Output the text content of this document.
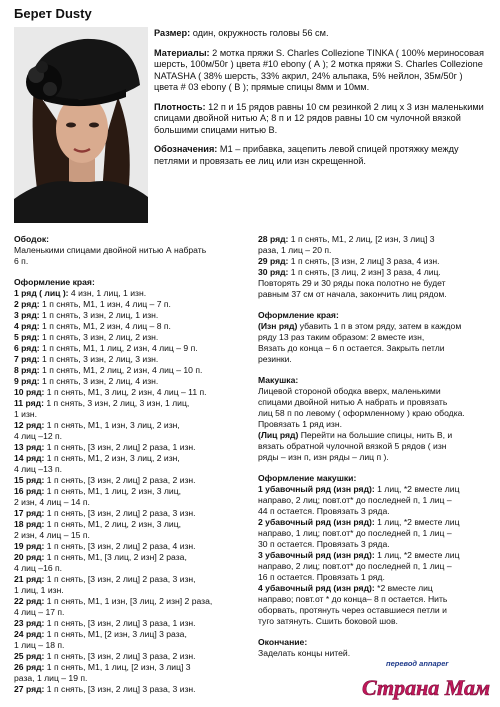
Берет Dusty

Размер: один, окружность головы 56 см.

Материалы: 2 мотка пряжи S. Charles Collezione TINKA ( 100% мериносовая шерсть, 100м/50г ) цвета #10 ebony ( А ); 2 мотка пряжи S. Charles Collezione NATASHA ( 38% шерсть, 33% акрил, 24% альпака, 5% нейлон, 35м/50г ) цвета # 03 ebony ( В ); прямые спицы 8мм и 10мм.

Плотность: 12 п и 15 рядов равны 10 см резинкой 2 лиц х 3 изн маленькими спицами двойной нитью А; 8 п и 12 рядов равны 10 см чулочной вязкой большими спицами нитью В.

Обозначения: М1 – прибавка, зацепить левой спицей протяжку между петлями и провязать ее лиц или изн скрещенной.

Ободок:

Маленькими спицами двойной нитью А набрать

6 п.

Оформление края:

1 ряд ( лиц ): 4 изн, 1 лиц, 1 изн.

2 ряд: 1 п снять, М1, 1 изн, 4 лиц – 7 п.

3 ряд: 1 п снять, 3 изн, 2 лиц, 1 изн.

4 ряд: 1 п снять, М1, 2 изн, 4 лиц – 8 п.

5 ряд: 1 п снять, 3 изн, 2 лиц, 2 изн.

6 ряд: 1 п снять, М1, 1 лиц, 2 изн, 4 лиц – 9 п.

7 ряд: 1 п снять, 3 изн, 2 лиц, 3 изн.

8 ряд: 1 п снять, М1, 2 лиц, 2 изн, 4 лиц – 10 п.

9 ряд: 1 п снять, 3 изн, 2 лиц, 4 изн.

10 ряд: 1 п снять, М1, 3 лиц, 2 изн, 4 лиц – 11 п.

11 ряд: 1 п снять, 3 изн, 2 лиц, 3 изн, 1 лиц,

1 изн.

12 ряд: 1 п снять, М1, 1 изн, 3 лиц, 2 изн,

4 лиц –12 п.

13 ряд: 1 п снять, [3 изн, 2 лиц] 2 раза, 1 изн.

14 ряд: 1 п снять, М1, 2 изн, 3 лиц, 2 изн,

4 лиц –13 п.

15 ряд: 1 п снять, [3 изн, 2 лиц] 2 раза, 2 изн.

16 ряд: 1 п снять, М1, 1 лиц, 2 изн, 3 лиц,

2 изн, 4 лиц – 14 п.

17 ряд: 1 п снять, [3 изн, 2 лиц] 2 раза, 3 изн.

18 ряд: 1 п снять, М1, 2 лиц, 2 изн, 3 лиц,

2 изн, 4 лиц – 15 п.

19 ряд: 1 п снять, [3 изн, 2 лиц] 2 раза, 4 изн.

20 ряд: 1 п снять, М1, [3 лиц, 2 изн] 2 раза,

4 лиц –16 п.

21 ряд: 1 п снять, [3 изн, 2 лиц] 2 раза, 3 изн,

1 лиц, 1 изн.

22 ряд: 1 п снять, М1, 1 изн, [3 лиц, 2 изн] 2 раза,

4 лиц – 17 п.

23 ряд: 1 п снять, [3 изн, 2 лиц] 3 раза, 1 изн.

24 ряд: 1 п снять, М1, [2 изн, 3 лиц] 3 раза,

1 лиц – 18 п.

25 ряд: 1 п снять, [3 изн, 2 лиц] 3 раза, 2 изн.

26 ряд: 1 п снять, М1, 1 лиц, [2 изн, 3 лиц] 3

раза, 1 лиц – 19 п.

27 ряд: 1 п снять, [3 изн, 2 лиц] 3 раза, 3 изн.

28 ряд: 1 п снять, М1, 2 лиц, [2 изн, 3 лиц] 3

раза, 1 лиц – 20 п.

29 ряд: 1 п снять, [3 изн, 2 лиц] 3 раза, 4 изн.

30 ряд: 1 п снять, [3 лиц, 2 изн] 3 раза, 4 лиц.

Повторять 29 и 30 ряды пока полотно не будет

равным 37 см от начала, закончить лиц рядом.

Оформление края:

(Изн ряд) убавить 1 п в этом ряду, затем в каждом

ряду 13 раз таким образом: 2 вместе изн,

Вязать до конца – 6 п остается. Закрыть петли

резинки.

Макушка:

Лицевой стороной ободка вверх, маленькими

спицами двойной нитью А набрать и провязать

лиц 58 п по левому ( оформленному ) краю ободка.

Провязать 1 ряд изн.

(Лиц ряд) Перейти на большие спицы, нить В, и

вязать обратной чулочной вязкой 5 рядов ( изн

ряды – изн п, изн ряды – лиц п ).

Оформление макушки:

1 убавочный ряд (изн ряд): 1 лиц, *2 вместе лиц

направо, 2 лиц; повт.от* до последней п, 1 лиц –

44 п остается. Провязать 3 ряда.

2 убавочный ряд (изн ряд): 1 лиц, *2 вместе лиц

направо, 1 лиц; повт.от* до последней п, 1 лиц –

30 п остается. Провязать 3 ряда.

3 убавочный ряд (изн ряд): 1 лиц, *2 вместе лиц

направо, 2 лиц; повт.от* до последней п, 1 лиц –

16 п остается. Провязать 1 ряд.

4 убавочный ряд (изн ряд): *2 вместе лиц

направо; повт.от * до конца– 8 п остается. Нить

оборвать, протянуть через оставшиеся петли и

туго затянуть. Сшить боковой шов.

Окончание:

Заделать концы нитей.

перевод annaper
Страна Мам
